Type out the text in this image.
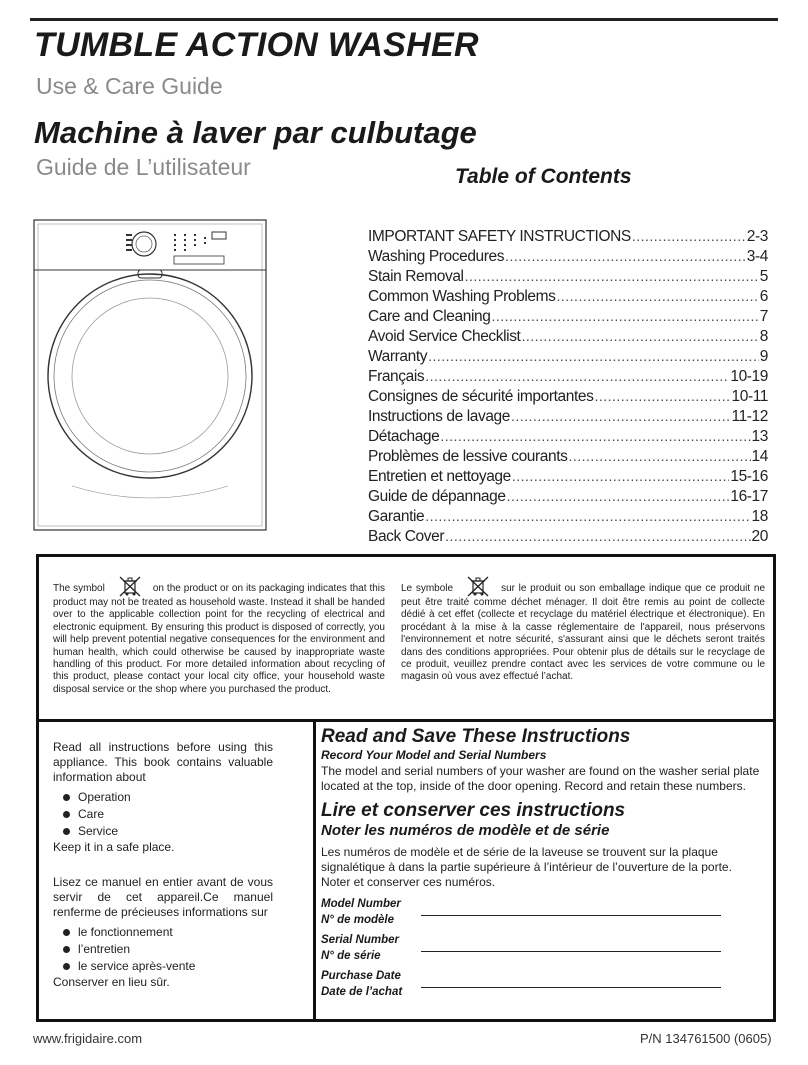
TUMBLE ACTION WASHER
Use & Care Guide
Machine à laver par culbutage
Guide de L’utilisateur	Table of Contents
IMPORTANT SAFETY INSTRUCTIONS .....	2-3
Washing Procedures .....	3-4
Stain Removal .....	5
Common Washing Problems .....	6
Care and Cleaning .....	7
Avoid Service Checklist .....	8
Warranty .....	9
Français .....	10-19
Consignes de sécurité importantes .....	10-11
Instructions de lavage .....	11-12
Détachage .....	13
Problèmes de lessive courants .....	14
Entretien et nettoyage .....	15-16
Guide de dépannage .....	16-17
Garantie .....	18
Back Cover .....	20
The symbol	on the product or on its packaging indicates that this product may not be treated as household waste. Instead it shall be handed over to the applicable collection point for the recycling of electrical and electronic equipment. By ensuring this product is disposed of correctly, you will help prevent potential negative consequences for the environment and human health, which could otherwise be caused by inappropriate waste handling of this product. For more detailed information about recycling of this product, please contact your local city office, your household waste disposal service or the shop where you purchased the product.
Le symbole	sur le produit ou son emballage indique que ce produit ne peut être traité comme déchet ménager. Il doit être remis au point de collecte dédié à cet effet (collecte et recyclage du matériel électrique et électronique). En procédant à la mise à la casse réglementaire de l'appareil, nous préservons l'environnement et notre sécurité, s'assurant ainsi que le déchets seront traités dans des conditions appropriées. Pour obtenir plus de détails sur le recyclage de ce produit, veuillez prendre contact avec les services de votre commune ou le magasin où vous avez effectué l’achat.
Read all instructions before using this appliance. This book contains valuable information about
Operation
Care
Service
Keep it in a safe place.
Lisez ce manuel en entier avant de vous servir de cet appareil.Ce manuel renferme de précieuses informations sur
le fonctionnement
l’entretien
le service après-vente
Conserver en lieu sûr.
Read and Save These Instructions
Record Your Model and Serial Numbers
The model and serial numbers of your washer are found on the washer serial plate located at the top, inside of the door opening. Record and retain these numbers.
Lire et conserver ces instructions
Noter les numéros de modèle et de série
Les numéros de modèle et de série de la laveuse se trouvent sur la plaque signalétique à dans la partie supérieure à l’intérieur de l’ouverture de la porte. Noter et conserver ces numéros.
Model Number
N° de modèle
Serial Number
N° de série
Purchase Date
Date de l’achat
www.frigidaire.com	P/N 134761500 (0605)
